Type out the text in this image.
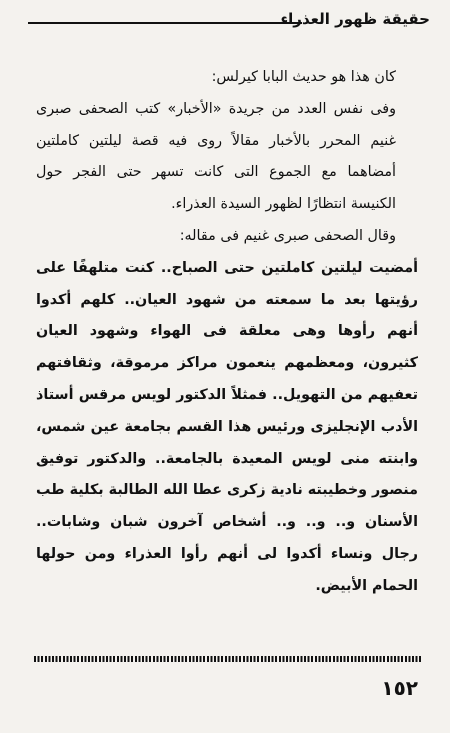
حقيقة ظهور العذراء

كان هذا هو حديث البابا كيرلس:

وفى نفس العدد من جريدة «الأخبار» كتب الصحفى صبرى غنيم المحرر بالأخبار مقالاً روى فيه قصة ليلتين كاملتين أمضاهما مع الجموع التى كانت تسهر حتى الفجر حول الكنيسة انتظارًا لظهور السيدة العذراء.

وقال الصحفى صبرى غنيم فى مقاله:

أمضيت ليلتين كاملتين حتى الصباح.. كنت متلهفًا على رؤيتها بعد ما سمعته من شهود العيان.. كلهم أكدوا أنهم رأوها وهى معلقة فى الهواء وشهود العيان كثيرون، ومعظمهم ينعمون مراكز مرموقة، وثقافتهم تعفيهم من التهويل.. فمثلاً الدكتور لويس مرقس أستاذ الأدب الإنجليزى ورئيس هذا القسم بجامعة عين شمس، وابنته منى لويس المعيدة بالجامعة.. والدكتور توفيق منصور وخطيبته نادية زكرى عطا الله الطالبة بكلية طب الأسنان و.. و.. و.. أشخاص آخرون شبان وشابات.. رجال ونساء أكدوا لى أنهم رأوا العذراء ومن حولها الحمام الأبيض.

١٥٢
